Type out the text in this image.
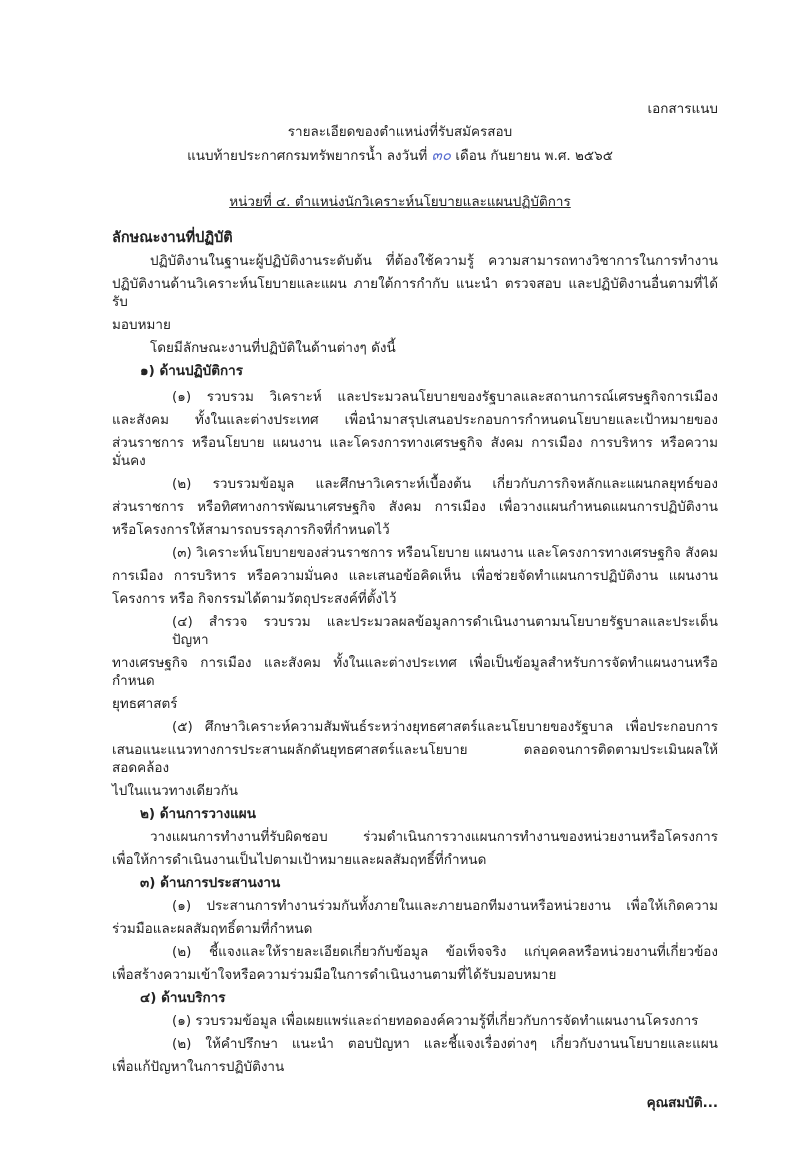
เอกสารแนบ
รายละเอียดของตำแหน่งที่รับสมัครสอบ
แนบท้ายประกาศกรมทรัพยากรน้ำ ลงวันที่ ๓๐ เดือน กันยายน พ.ศ. ๒๕๖๕
หน่วยที่ ๔. ตำแหน่งนักวิเคราะห์นโยบายและแผนปฏิบัติการ
ลักษณะงานที่ปฏิบัติ
ปฏิบัติงานในฐานะผู้ปฏิบัติงานระดับต้น ที่ต้องใช้ความรู้ ความสามารถทางวิชาการในการทำงาน
ปฏิบัติงานด้านวิเคราะห์นโยบายและแผน ภายใต้การกำกับ แนะนำ ตรวจสอบ และปฏิบัติงานอื่นตามที่ได้รับ
มอบหมาย
โดยมีลักษณะงานที่ปฏิบัติในด้านต่างๆ ดังนี้
๑) ด้านปฏิบัติการ
(๑) รวบรวม วิเคราะห์ และประมวลนโยบายของรัฐบาลและสถานการณ์เศรษฐกิจการเมือง
และสังคม ทั้งในและต่างประเทศ เพื่อนำมาสรุปเสนอประกอบการกำหนดนโยบายและเป้าหมายของ
ส่วนราชการ หรือนโยบาย แผนงาน และโครงการทางเศรษฐกิจ สังคม การเมือง การบริหาร หรือความมั่นคง
(๒) รวบรวมข้อมูล และศึกษาวิเคราะห์เบื้องต้น เกี่ยวกับภารกิจหลักและแผนกลยุทธ์ของ
ส่วนราชการ หรือทิศทางการพัฒนาเศรษฐกิจ สังคม การเมือง เพื่อวางแผนกำหนดแผนการปฏิบัติงาน
หรือโครงการให้สามารถบรรลุภารกิจที่กำหนดไว้
(๓) วิเคราะห์นโยบายของส่วนราชการ หรือนโยบาย แผนงาน และโครงการทางเศรษฐกิจ สังคม
การเมือง การบริหาร หรือความมั่นคง และเสนอข้อคิดเห็น เพื่อช่วยจัดทำแผนการปฏิบัติงาน แผนงาน
โครงการ หรือ กิจกรรมได้ตามวัตถุประสงค์ที่ตั้งไว้
(๔) สำรวจ รวบรวม และประมวลผลข้อมูลการดำเนินงานตามนโยบายรัฐบาลและประเด็นปัญหา
ทางเศรษฐกิจ การเมือง และสังคม ทั้งในและต่างประเทศ เพื่อเป็นข้อมูลสำหรับการจัดทำแผนงานหรือกำหนด
ยุทธศาสตร์
(๕) ศึกษาวิเคราะห์ความสัมพันธ์ระหว่างยุทธศาสตร์และนโยบายของรัฐบาล เพื่อประกอบการ
เสนอแนะแนวทางการประสานผลักดันยุทธศาสตร์และนโยบาย ตลอดจนการติดตามประเมินผลให้สอดคล้อง
ไปในแนวทางเดียวกัน
๒) ด้านการวางแผน
วางแผนการทำงานที่รับผิดชอบ ร่วมดำเนินการวางแผนการทำงานของหน่วยงานหรือโครงการ
เพื่อให้การดำเนินงานเป็นไปตามเป้าหมายและผลสัมฤทธิ์ที่กำหนด
๓) ด้านการประสานงาน
(๑) ประสานการทำงานร่วมกันทั้งภายในและภายนอกทีมงานหรือหน่วยงาน เพื่อให้เกิดความ
ร่วมมือและผลสัมฤทธิ์ตามที่กำหนด
(๒) ชี้แจงและให้รายละเอียดเกี่ยวกับข้อมูล ข้อเท็จจริง แก่บุคคลหรือหน่วยงานที่เกี่ยวข้อง
เพื่อสร้างความเข้าใจหรือความร่วมมือในการดำเนินงานตามที่ได้รับมอบหมาย
๔) ด้านบริการ
(๑) รวบรวมข้อมูล เพื่อเผยแพร่และถ่ายทอดองค์ความรู้ที่เกี่ยวกับการจัดทำแผนงานโครงการ
(๒) ให้คำปรึกษา แนะนำ ตอบปัญหา และชี้แจงเรื่องต่างๆ เกี่ยวกับงานนโยบายและแผน
เพื่อแก้ปัญหาในการปฏิบัติงาน
คุณสมบัติ...
